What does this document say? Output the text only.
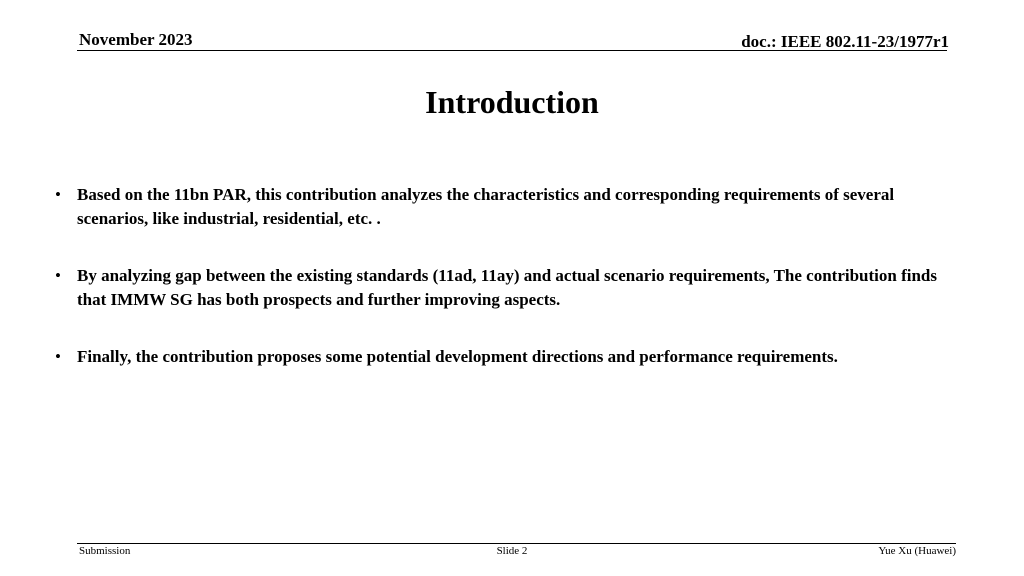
November 2023	doc.: IEEE 802.11-23/1977r1
Introduction
• Based on the 11bn PAR, this contribution analyzes the characteristics and corresponding requirements of several scenarios, like industrial, residential, etc. .
• By analyzing gap between the existing standards (11ad, 11ay) and actual scenario requirements, The contribution finds that IMMW SG has both prospects and further improving aspects.
• Finally, the contribution proposes some potential development directions and performance requirements.
Submission	Slide 2	Yue Xu (Huawei)
